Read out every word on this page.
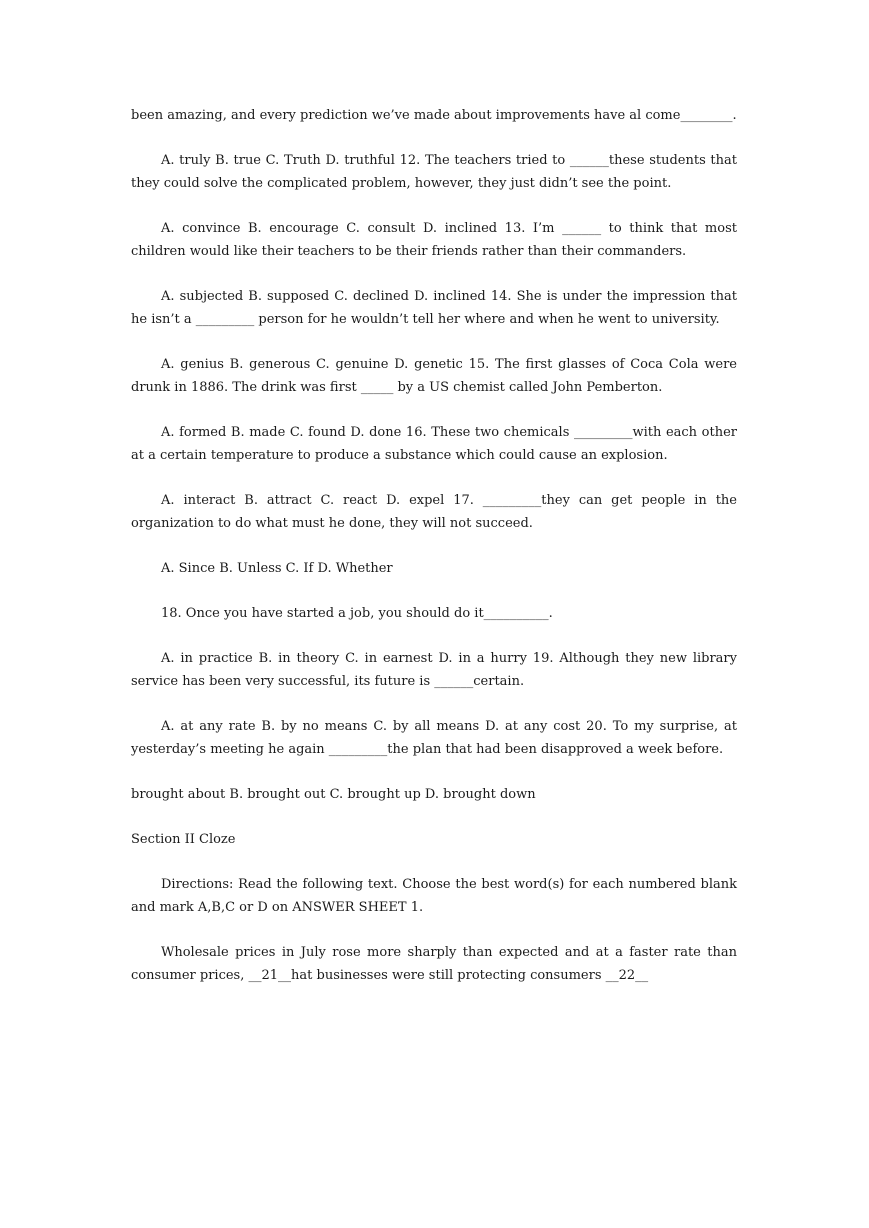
been amazing, and every prediction we’ve made about improvements have al come________.

A. truly B. true C. Truth D. truthful 12. The teachers tried to ______these students that they could solve the complicated problem, however, they just didn’t see the point.

A. convince B. encourage C. consult D. inclined 13. I’m ______ to think that most children would like their teachers to be their friends rather than their commanders.

A. subjected B. supposed C. declined D. inclined 14. She is under the impression that he isn’t a _________ person for he wouldn’t tell her where and when he went to university.

A. genius B. generous C. genuine D. genetic 15. The first glasses of Coca Cola were drunk in 1886. The drink was first _____ by a US chemist called John Pemberton.

A. formed B. made C. found D. done 16. These two chemicals _________with each other at a certain temperature to produce a substance which could cause an explosion.

A. interact B. attract C. react D. expel 17. _________they can get people in the organization to do what must he done, they will not succeed.

A. Since B. Unless C. If D. Whether

18. Once you have started a job, you should do it__________.

A. in practice B. in theory C. in earnest D. in a hurry 19. Although they new library service has been very successful, its future is ______certain.

A. at any rate B. by no means C. by all means D. at any cost 20. To my surprise, at yesterday’s meeting he again _________the plan that had been disapproved a week before.

brought about B. brought out C. brought up D. brought down

Section II Cloze

Directions: Read the following text. Choose the best word(s) for each numbered blank and mark A,B,C or D on ANSWER SHEET 1.

Wholesale prices in July rose more sharply than expected and at a faster rate than consumer prices, __21__hat businesses were still protecting consumers __22__
